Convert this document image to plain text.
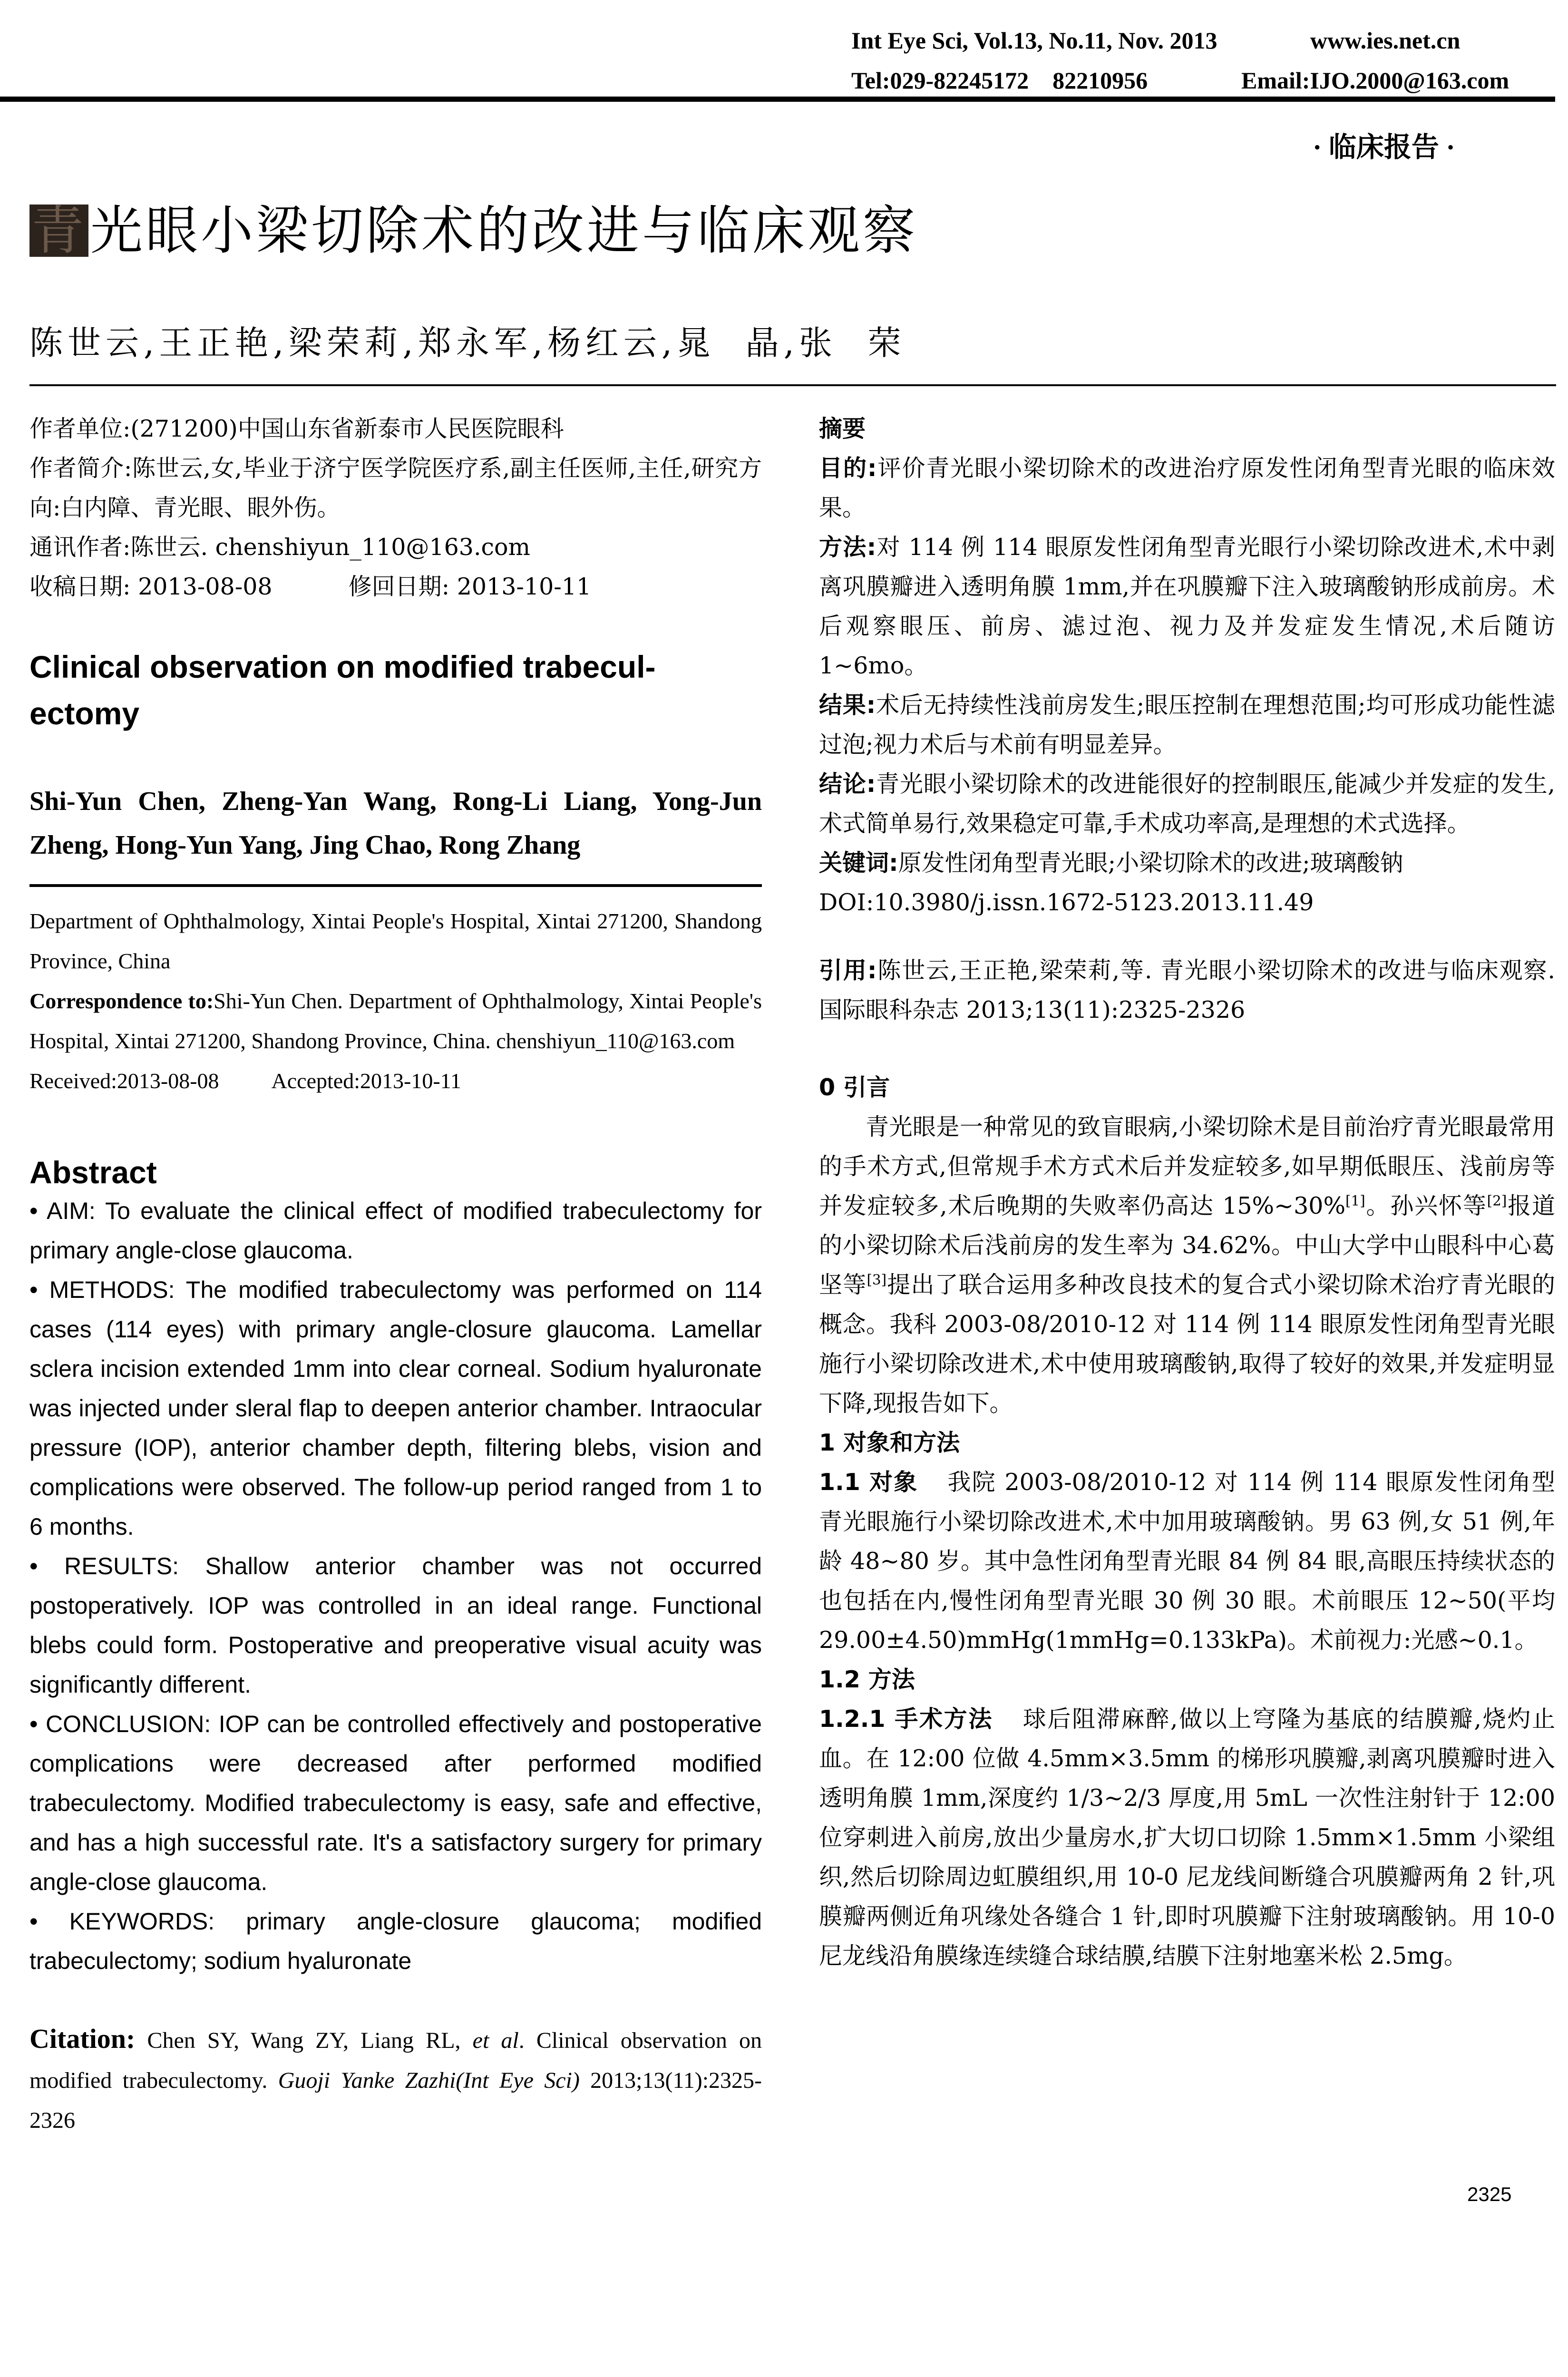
Int Eye Sci, Vol.13, No.11, Nov. 2013	www.ies.net.cn
Tel:029-82245172    82210956	Email:IJO.2000@163.com
· 临床报告 ·
青光眼小梁切除术的改进与临床观察
陈世云,王正艳,梁荣莉,郑永军,杨红云,晁  晶,张  荣
作者单位:(271200)中国山东省新泰市人民医院眼科
作者简介:陈世云,女,毕业于济宁医学院医疗系,副主任医师,主任,研究方向:白内障、青光眼、眼外伤。
通讯作者:陈世云. chenshiyun_110@163.com
收稿日期: 2013-08-08	修回日期: 2013-10-11
Clinical observation on modified trabecul-ectomy
Shi-Yun Chen, Zheng-Yan Wang, Rong-Li Liang, Yong-Jun Zheng, Hong-Yun Yang, Jing Chao, Rong Zhang
Department of Ophthalmology, Xintai People's Hospital, Xintai 271200, Shandong Province, China
Correspondence to:Shi-Yun Chen. Department of Ophthalmology, Xintai People's Hospital, Xintai 271200, Shandong Province, China. chenshiyun_110@163.com
Received:2013-08-08 Accepted:2013-10-11
Abstract

• AIM: To evaluate the clinical effect of modified trabeculectomy for primary angle-close glaucoma.

• METHODS: The modified trabeculectomy was performed on 114 cases (114 eyes) with primary angle-closure glaucoma. Lamellar sclera incision extended 1mm into clear corneal. Sodium hyaluronate was injected under sleral flap to deepen anterior chamber. Intraocular pressure (IOP), anterior chamber depth, filtering blebs, vision and complications were observed. The follow-up period ranged from 1 to 6 months.

• RESULTS: Shallow anterior chamber was not occurred postoperatively. IOP was controlled in an ideal range. Functional blebs could form. Postoperative and preoperative visual acuity was significantly different.

• CONCLUSION: IOP can be controlled effectively and postoperative complications were decreased after performed modified trabeculectomy. Modified trabeculectomy is easy, safe and effective, and has a high successful rate. It's a satisfactory surgery for primary angle-close glaucoma.

• KEYWORDS: primary angle-closure glaucoma; modified trabeculectomy; sodium hyaluronate

Citation: Chen SY, Wang ZY, Liang RL, et al. Clinical observation on modified trabeculectomy. Guoji Yanke Zazhi(Int Eye Sci) 2013;13(11):2325-2326
摘要

目的:评价青光眼小梁切除术的改进治疗原发性闭角型青光眼的临床效果。

方法:对 114 例 114 眼原发性闭角型青光眼行小梁切除改进术,术中剥离巩膜瓣进入透明角膜 1mm,并在巩膜瓣下注入玻璃酸钠形成前房。术后观察眼压、前房、滤过泡、视力及并发症发生情况,术后随访 1~6mo。

结果:术后无持续性浅前房发生;眼压控制在理想范围;均可形成功能性滤过泡;视力术后与术前有明显差异。

结论:青光眼小梁切除术的改进能很好的控制眼压,能减少并发症的发生,术式简单易行,效果稳定可靠,手术成功率高,是理想的术式选择。

关键词:原发性闭角型青光眼;小梁切除术的改进;玻璃酸钠

DOI:10.3980/j.issn.1672-5123.2013.11.49

引用:陈世云,王正艳,梁荣莉,等. 青光眼小梁切除术的改进与临床观察. 国际眼科杂志 2013;13(11):2325-2326

0 引言

青光眼是一种常见的致盲眼病,小梁切除术是目前治疗青光眼最常用的手术方式,但常规手术方式术后并发症较多,如早期低眼压、浅前房等并发症较多,术后晚期的失败率仍高达 15%~30%[1]。孙兴怀等[2]报道的小梁切除术后浅前房的发生率为 34.62%。中山大学中山眼科中心葛坚等[3]提出了联合运用多种改良技术的复合式小梁切除术治疗青光眼的概念。我科 2003-08/2010-12 对 114 例 114 眼原发性闭角型青光眼施行小梁切除改进术,术中使用玻璃酸钠,取得了较好的效果,并发症明显下降,现报告如下。

1 对象和方法

1.1 对象 我院 2003-08/2010-12 对 114 例 114 眼原发性闭角型青光眼施行小梁切除改进术,术中加用玻璃酸钠。男 63 例,女 51 例,年龄 48~80 岁。其中急性闭角型青光眼 84 例 84 眼,高眼压持续状态的也包括在内,慢性闭角型青光眼 30 例 30 眼。术前眼压 12~50(平均 29.00±4.50)mmHg(1mmHg=0.133kPa)。术前视力:光感~0.1。

1.2 方法

1.2.1 手术方法 球后阻滞麻醉,做以上穹隆为基底的结膜瓣,烧灼止血。在 12:00 位做 4.5mm×3.5mm 的梯形巩膜瓣,剥离巩膜瓣时进入透明角膜 1mm,深度约 1/3~2/3 厚度,用 5mL 一次性注射针于 12:00 位穿刺进入前房,放出少量房水,扩大切口切除 1.5mm×1.5mm 小梁组织,然后切除周边虹膜组织,用 10-0 尼龙线间断缝合巩膜瓣两角 2 针,巩膜瓣两侧近角巩缘处各缝合 1 针,即时巩膜瓣下注射玻璃酸钠。用 10-0 尼龙线沿角膜缘连续缝合球结膜,结膜下注射地塞米松 2.5mg。

2325
